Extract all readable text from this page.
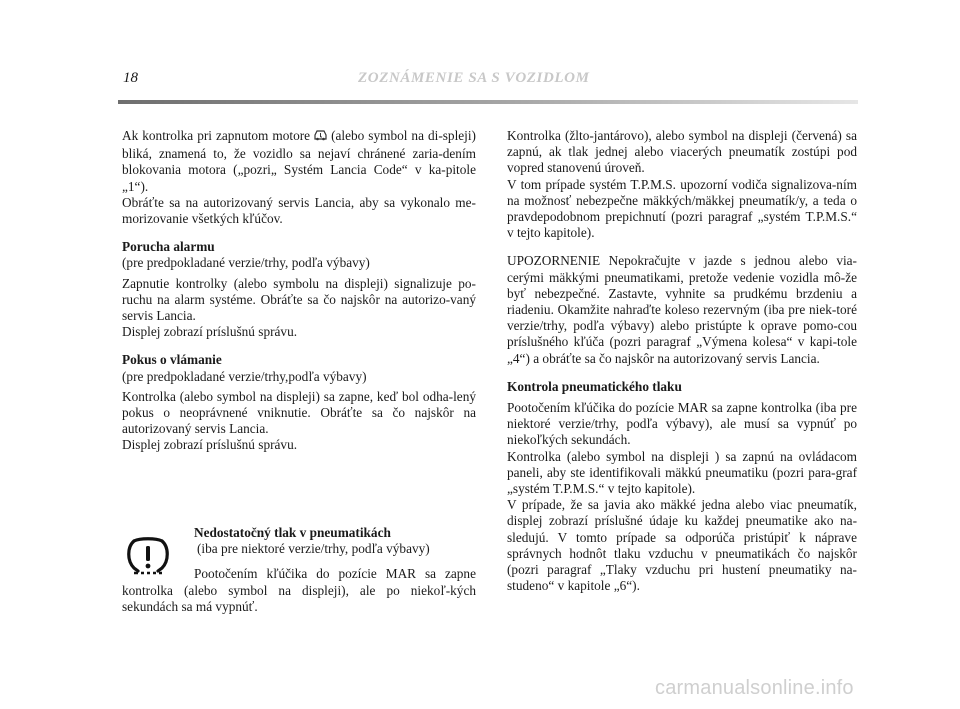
18	ZOZNÁMENIE SA S VOZIDLOM

Ak kontrolka pri zapnutom motore (alebo symbol na di-spleji) bliká, znamená to, že vozidlo sa nejaví chránené zaria-dením blokovania motora („pozri„ Systém Lancia Code“ v ka-pitole „1“).
Obráťte sa na autorizovaný servis Lancia, aby sa vykonalo me-morizovanie všetkých kľúčov.

Porucha alarmu

(pre predpokladané verzie/trhy, podľa výbavy)

Zapnutie kontrolky (alebo symbolu na displeji) signalizuje po-ruchu na alarm systéme. Obráťte sa čo najskôr na autorizo-vaný servis Lancia.

Displej zobrazí príslušnú správu.

Pokus o vlámanie

(pre predpokladané verzie/trhy,podľa výbavy)

Kontrolka (alebo symbol na displeji) sa zapne, keď bol odha-lený pokus o neoprávnené vniknutie. Obráťte sa čo najskôr na autorizovaný servis Lancia.

Displej zobrazí príslušnú správu.

Nedostatočný tlak v pneumatikách
(iba pre niektoré verzie/trhy, podľa výbavy)
Pootočením kľúčika do pozície MAR sa zapne kontrolka (alebo symbol na displeji), ale po niekoľ-kých sekundách sa má vypnúť.

Kontrolka (žlto-jantárovo), alebo symbol na displeji (červená) sa zapnú, ak tlak jednej alebo viacerých pneumatík zostúpi pod vopred stanovenú úroveň.

V tom prípade systém T.P.M.S. upozorní vodiča signalizova-ním na možnosť nebezpečne mäkkých/mäkkej pneumatík/y, a teda o pravdepodobnom prepichnutí (pozri paragraf „systém T.P.M.S.“ v tejto kapitole).

UPOZORNENIE Nepokračujte v jazde s jednou alebo via-cerými mäkkými pneumatikami, pretože vedenie vozidla mô-že byť nebezpečné. Zastavte, vyhnite sa prudkému brzdeniu a riadeniu. Okamžite nahraďte koleso rezervným (iba pre niek-toré verzie/trhy, podľa výbavy) alebo pristúpte k oprave pomo-cou príslušného kľúča (pozri paragraf „Výmena kolesa“ v kapi-tole „4“) a obráťte sa čo najskôr na autorizovaný servis Lancia.

Kontrola pneumatického tlaku

Pootočením kľúčika do pozície MAR sa zapne kontrolka (iba pre niektoré verzie/trhy, podľa výbavy), ale musí sa vypnúť po niekoľkých sekundách.

Kontrolka (alebo symbol na displeji ) sa zapnú na ovládacom paneli, aby ste identifikovali mäkkú pneumatiku (pozri para-graf „systém T.P.M.S.“ v tejto kapitole).

V prípade, že sa javia ako mäkké jedna alebo viac pneumatík, displej zobrazí príslušné údaje ku každej pneumatike ako na-sledujú. V tomto prípade sa odporúča pristúpiť k náprave správnych hodnôt tlaku vzduchu v pneumatikách čo najskôr (pozri paragraf „Tlaky vzduchu pri hustení pneumatiky na-studeno“ v kapitole „6“).

carmanualsonline.info
